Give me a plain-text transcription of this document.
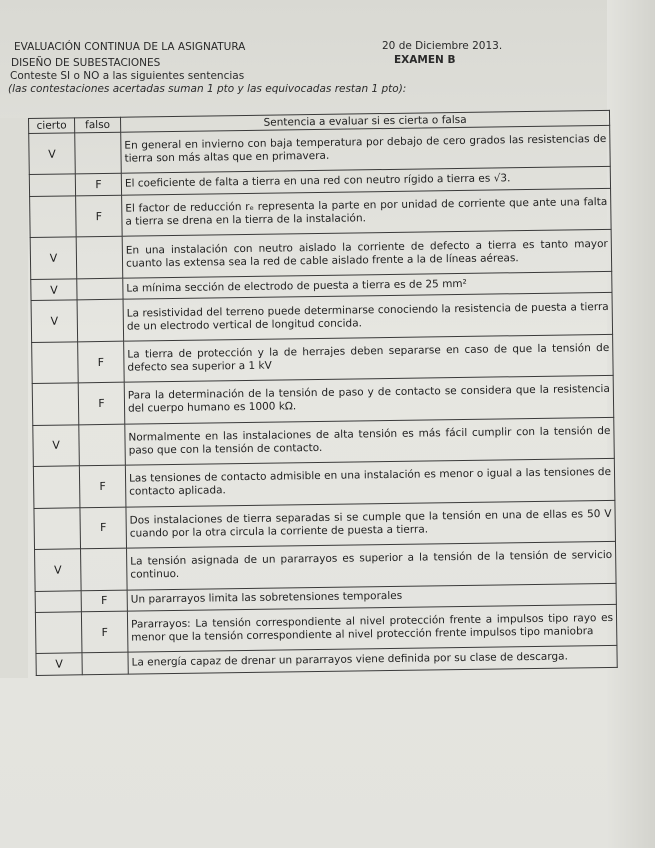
EVALUACIÓN CONTINUA DE LA ASIGNATURA
DISEÑO DE SUBESTACIONES
Conteste SI o NO a las siguientes sentencias
(las contestaciones acertadas suman 1 pto y las equivocadas restan 1 pto):
20 de Diciembre 2013.
EXAMEN B
cierto	falso	Sentencia a evaluar si es cierta o falsa
V		En general en invierno con baja temperatura por debajo de cero grados las resistencias de tierra son más altas que en primavera.
	F	El coeficiente de falta a tierra en una red con neutro rígido a tierra es √3.
	F	El factor de reducción rₑ representa la parte en por unidad de corriente que ante una falta a tierra se drena en la tierra de la instalación.
V		En una instalación con neutro aislado la corriente de defecto a tierra es tanto mayor cuanto las extensa sea la red de cable aislado frente a la de líneas aéreas.
V		La mínima sección de electrodo de puesta a tierra es de 25 mm²
V		La resistividad del terreno puede determinarse conociendo la resistencia de puesta a tierra de un electrodo vertical de longitud concida.
	F	La tierra de protección y la de herrajes deben separarse en caso de que la tensión de defecto sea superior a 1 kV
	F	Para la determinación de la tensión de paso y de contacto se considera que la resistencia del cuerpo humano es 1000 kΩ.
V		Normalmente en las instalaciones de alta tensión es más fácil cumplir con la tensión de paso que con la tensión de contacto.
	F	Las tensiones de contacto admisible en una instalación es menor o igual a las tensiones de contacto aplicada.
	F	Dos instalaciones de tierra separadas si se cumple que la tensión en una de ellas es 50 V cuando por la otra circula la corriente de puesta a tierra.
V		La tensión asignada de un pararrayos es superior a la tensión de la tensión de servicio continuo.
	F	Un pararrayos limita las sobretensiones temporales
	F	Pararrayos: La tensión correspondiente al nivel protección frente a impulsos tipo rayo es menor que la tensión correspondiente al nivel protección frente impulsos tipo maniobra
V		La energía capaz de drenar un pararrayos viene definida por su clase de descarga.
